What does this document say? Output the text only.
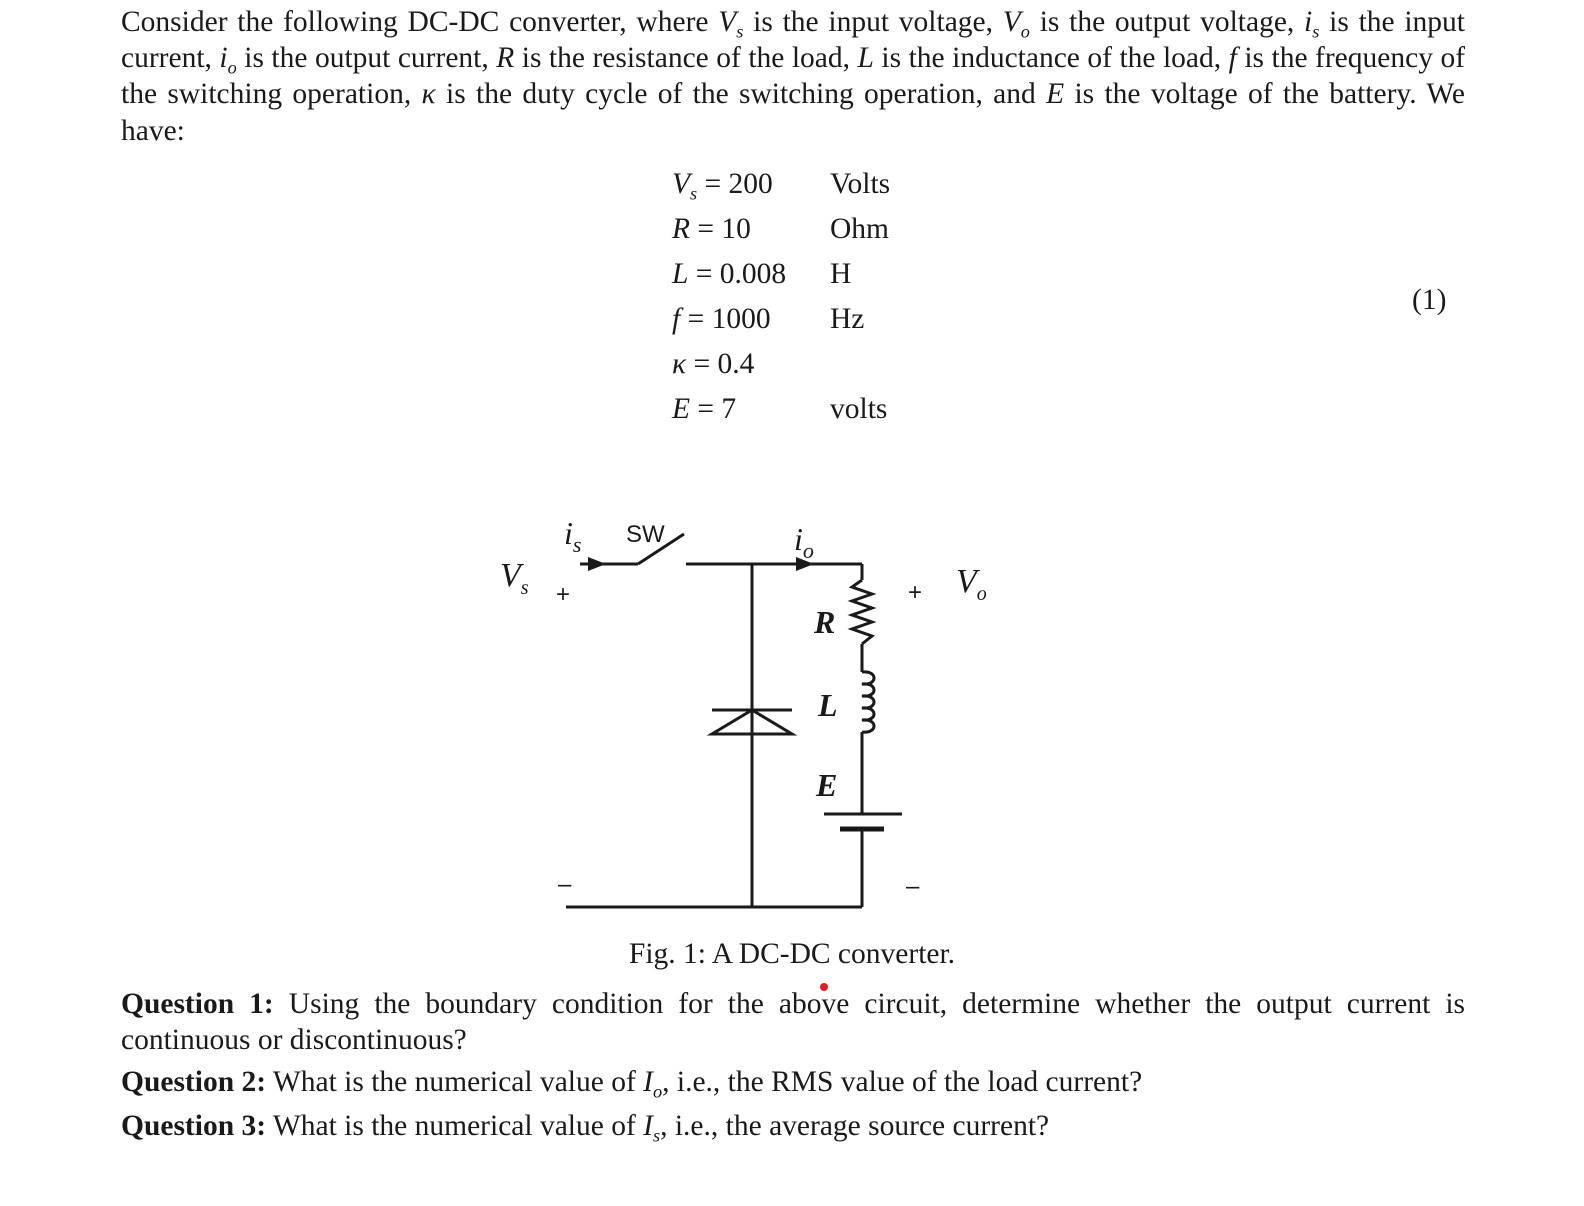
Consider the following DC-DC converter, where $V_s$ is the input voltage, $V_o$ is the output voltage, $i_s$ is the input current, $i_o$ is the output current, R is the resistance of the load, L is the inductance of the load, f is the frequency of the switching operation, κ is the duty cycle of the switching operation, and E is the voltage of the battery. We have:
$V_s = 200$ Volts
R = 10	Ohm
L = 0.008 H
f = 1000 Hz
κ = 0.4
E = 7	volts
(1)
$V_s$
$i_s$	$i_o$
$V_o$
R
L
E
SW
+	+
–	–
Fig. 1: A DC-DC converter.
Question 1: Using the boundary condition for the above circuit, determine whether the output current is continuous or discontinuous?
Question 2: What is the numerical value of $I_o$, i.e., the RMS value of the load current?
Question 3: What is the numerical value of $I_s$, i.e., the average source current?
